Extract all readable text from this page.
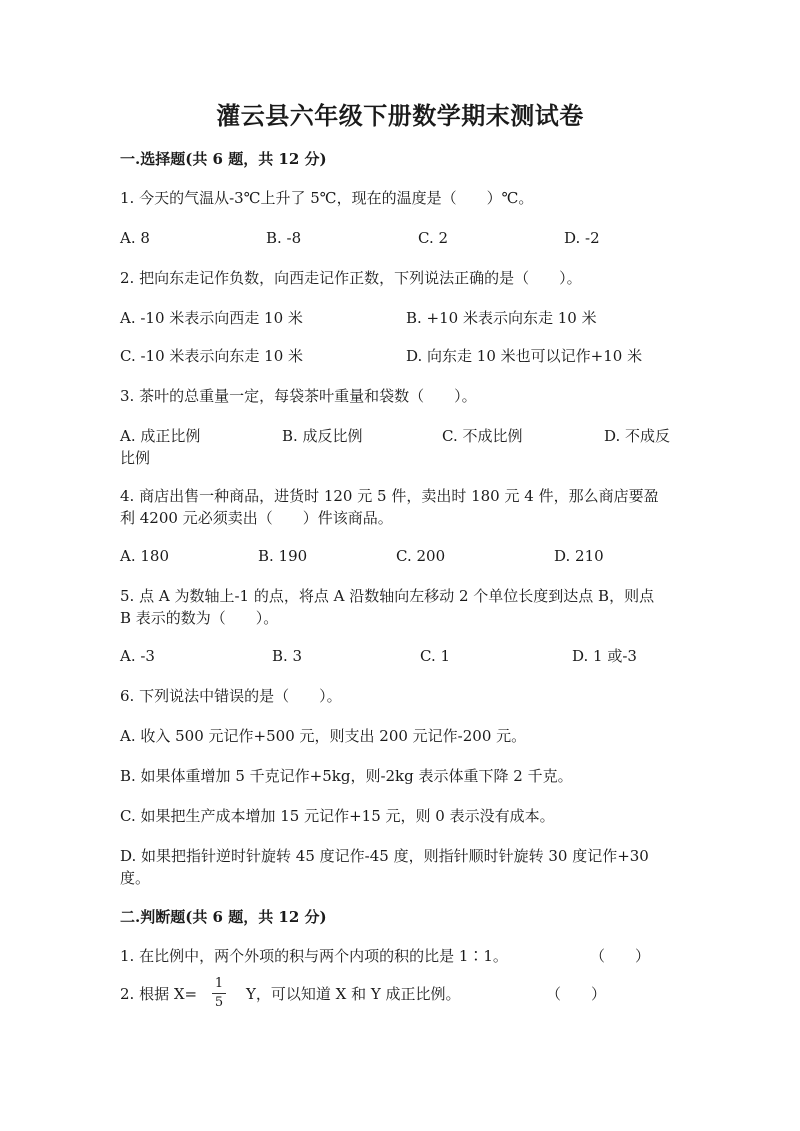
灌云县六年级下册数学期末测试卷
一.选择题(共 6 题，共 12 分)
1. 今天的气温从-3℃上升了 5℃，现在的温度是（　　）℃。
A. 8	B. -8	C. 2	D. -2
2. 把向东走记作负数，向西走记作正数，下列说法正确的是（　　）。
A. -10 米表示向西走 10 米	B. +10 米表示向东走 10 米
C. -10 米表示向东走 10 米	D. 向东走 10 米也可以记作+10 米
3. 茶叶的总重量一定，每袋茶叶重量和袋数（　　）。
A. 成正比例	B. 成反比例	C. 不成比例	D. 不成反
比例
4. 商店出售一种商品，进货时 120 元 5 件，卖出时 180 元 4 件，那么商店要盈
利 4200 元必须卖出（　　）件该商品。
A. 180	B. 190	C. 200	D. 210
5. 点 A 为数轴上-1 的点，将点 A 沿数轴向左移动 2 个单位长度到达点 B，则点
B 表示的数为（　　）。
A. -3	B. 3	C. 1	D. 1 或-3
6. 下列说法中错误的是（　　）。
A. 收入 500 元记作+500 元，则支出 200 元记作-200 元。
B. 如果体重增加 5 千克记作+5kg，则-2kg 表示体重下降 2 千克。
C. 如果把生产成本增加 15 元记作+15 元，则 0 表示没有成本。
D. 如果把指针逆时针旋转 45 度记作-45 度，则指针顺时针旋转 30 度记作+30
度。
二.判断题(共 6 题，共 12 分)
1. 在比例中，两个外项的积与两个内项的积的比是 1∶1。	（　　）
2. 根据 X=
1
5 Y，可以知道 X 和 Y 成正比例。	（　　）
